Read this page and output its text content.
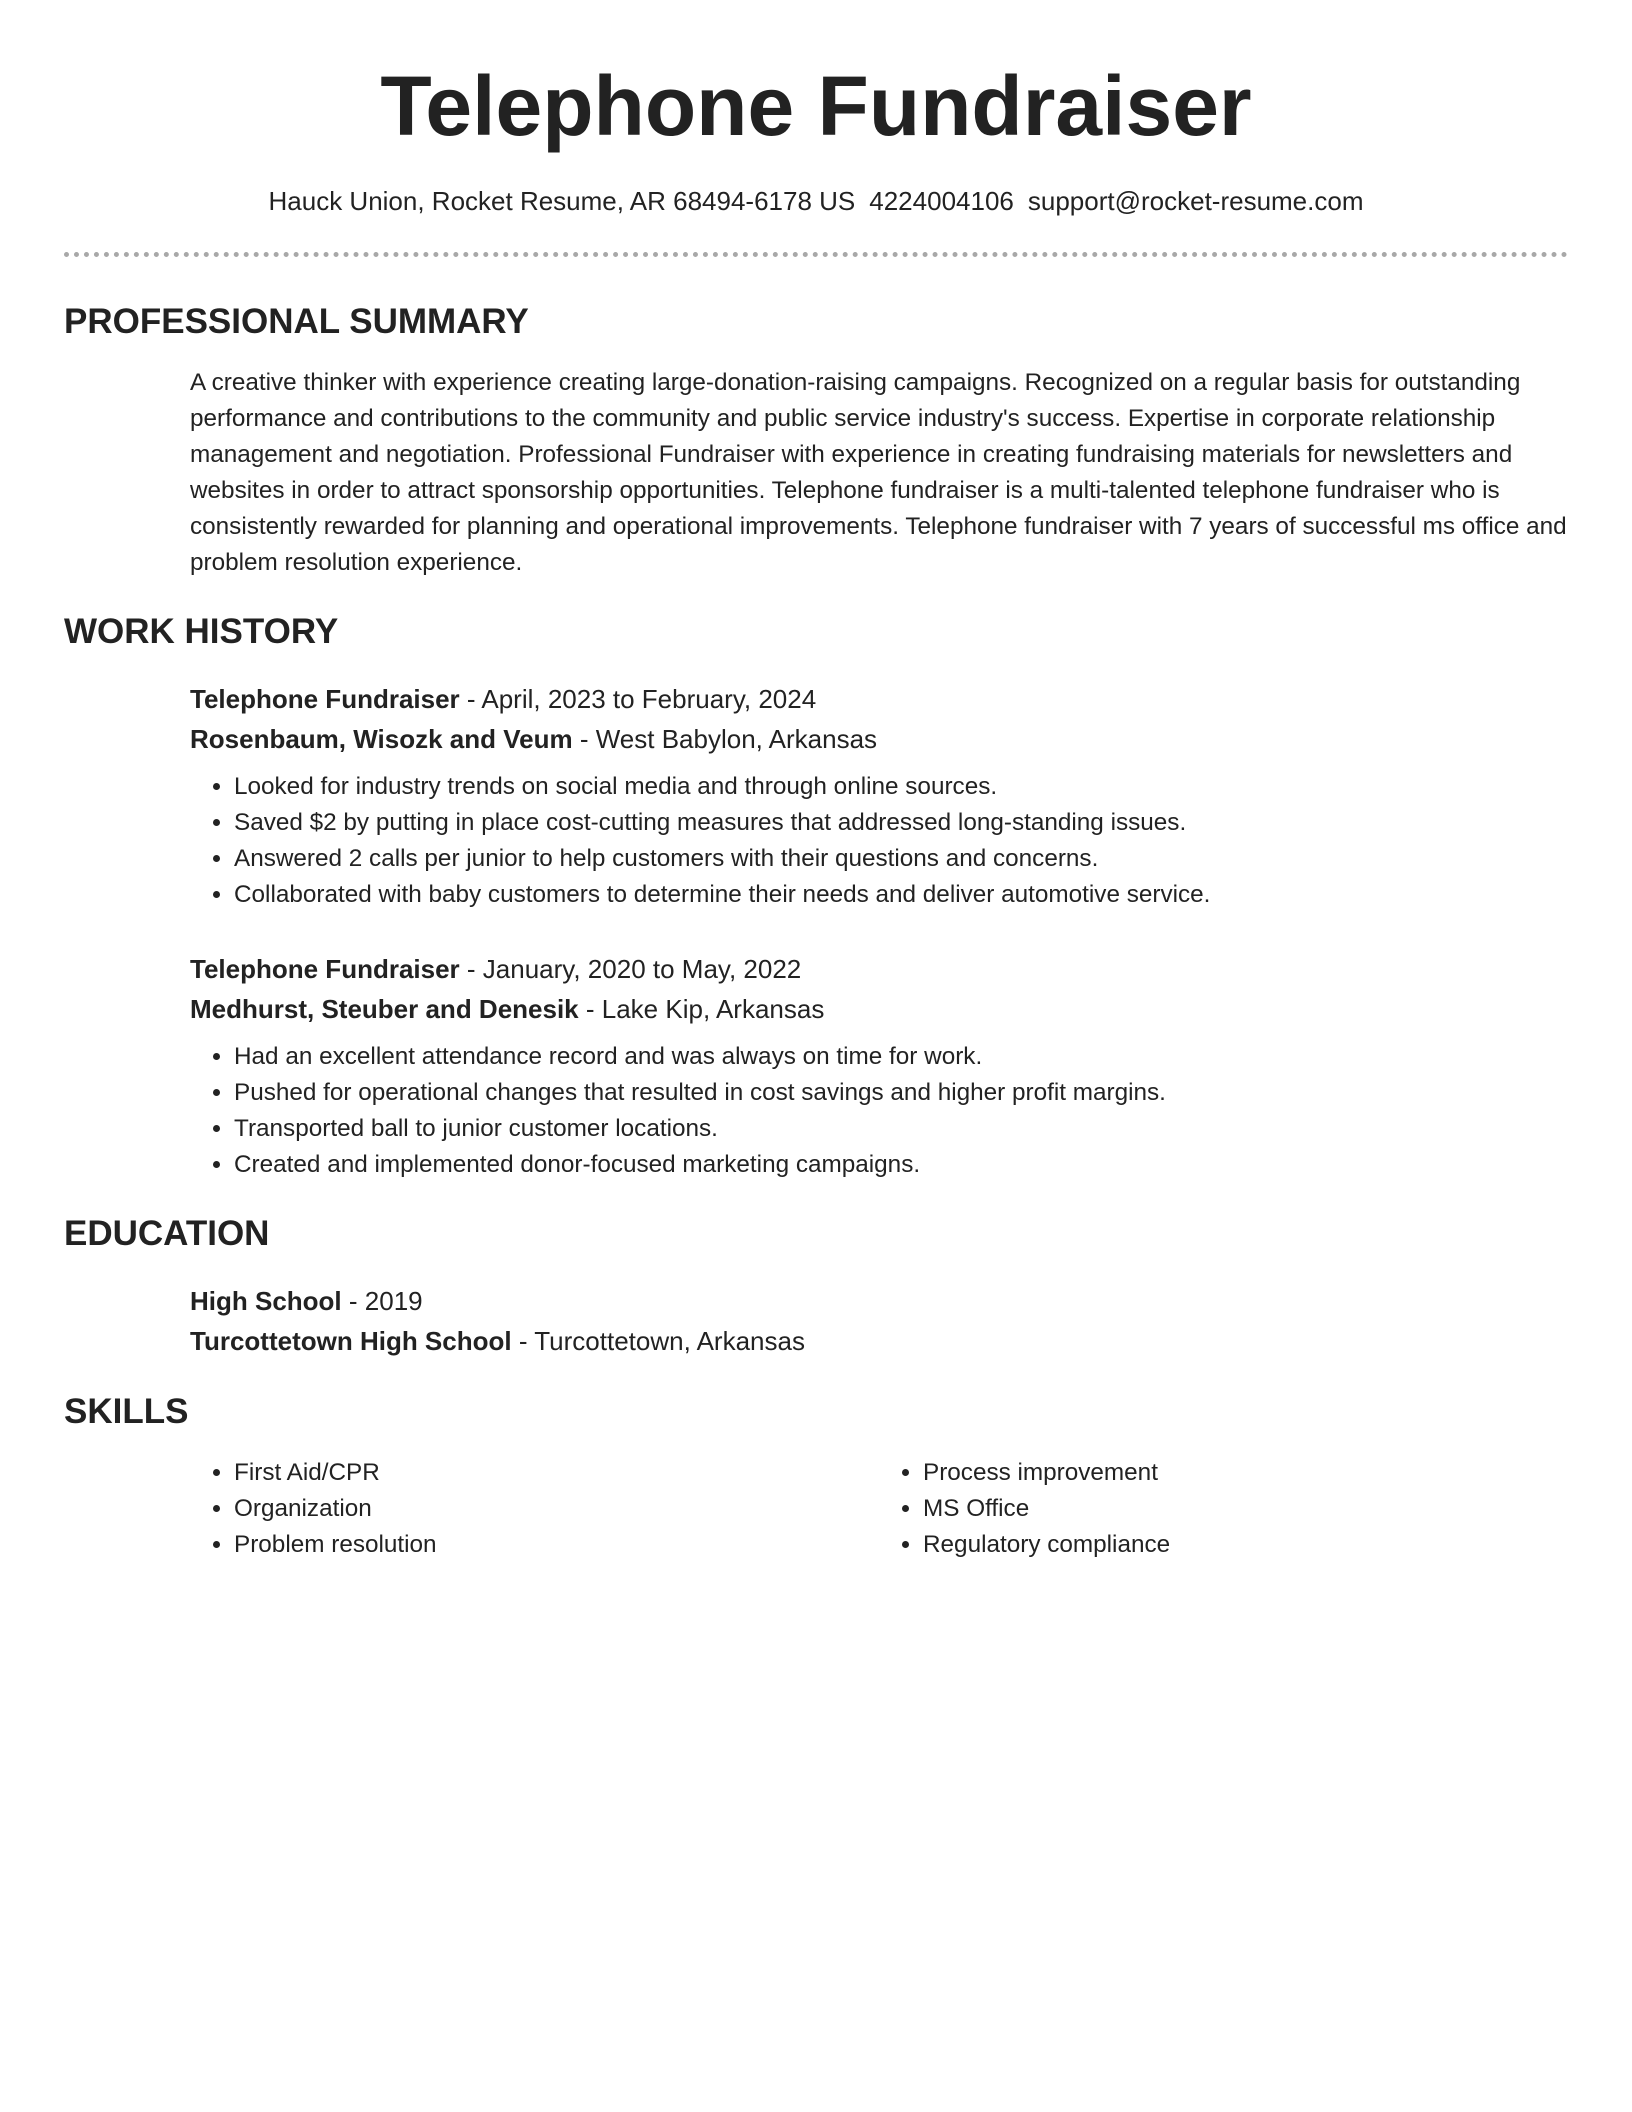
Telephone Fundraiser
Hauck Union, Rocket Resume, AR 68494-6178 US 4224004106 support@rocket-resume.com
PROFESSIONAL SUMMARY

A creative thinker with experience creating large-donation-raising campaigns. Recognized on a regular basis for outstanding performance and contributions to the community and public service industry's success. Expertise in corporate relationship management and negotiation. Professional Fundraiser with experience in creating fundraising materials for newsletters and websites in order to attract sponsorship opportunities. Telephone fundraiser is a multi-talented telephone fundraiser who is consistently rewarded for planning and operational improvements. Telephone fundraiser with 7 years of successful ms office and problem resolution experience.

WORK HISTORY
Telephone Fundraiser - April, 2023 to February, 2024
Rosenbaum, Wisozk and Veum - West Babylon, Arkansas
• Looked for industry trends on social media and through online sources.
• Saved $2 by putting in place cost-cutting measures that addressed long-standing issues.
• Answered 2 calls per junior to help customers with their questions and concerns.
• Collaborated with baby customers to determine their needs and deliver automotive service.
Telephone Fundraiser - January, 2020 to May, 2022
Medhurst, Steuber and Denesik - Lake Kip, Arkansas
• Had an excellent attendance record and was always on time for work.
• Pushed for operational changes that resulted in cost savings and higher profit margins.
• Transported ball to junior customer locations.
• Created and implemented donor-focused marketing campaigns.
EDUCATION
High School - 2019
Turcottetown High School - Turcottetown, Arkansas
SKILLS
• First Aid/CPR
• Organization
• Problem resolution
• Process improvement
• MS Office
• Regulatory compliance
